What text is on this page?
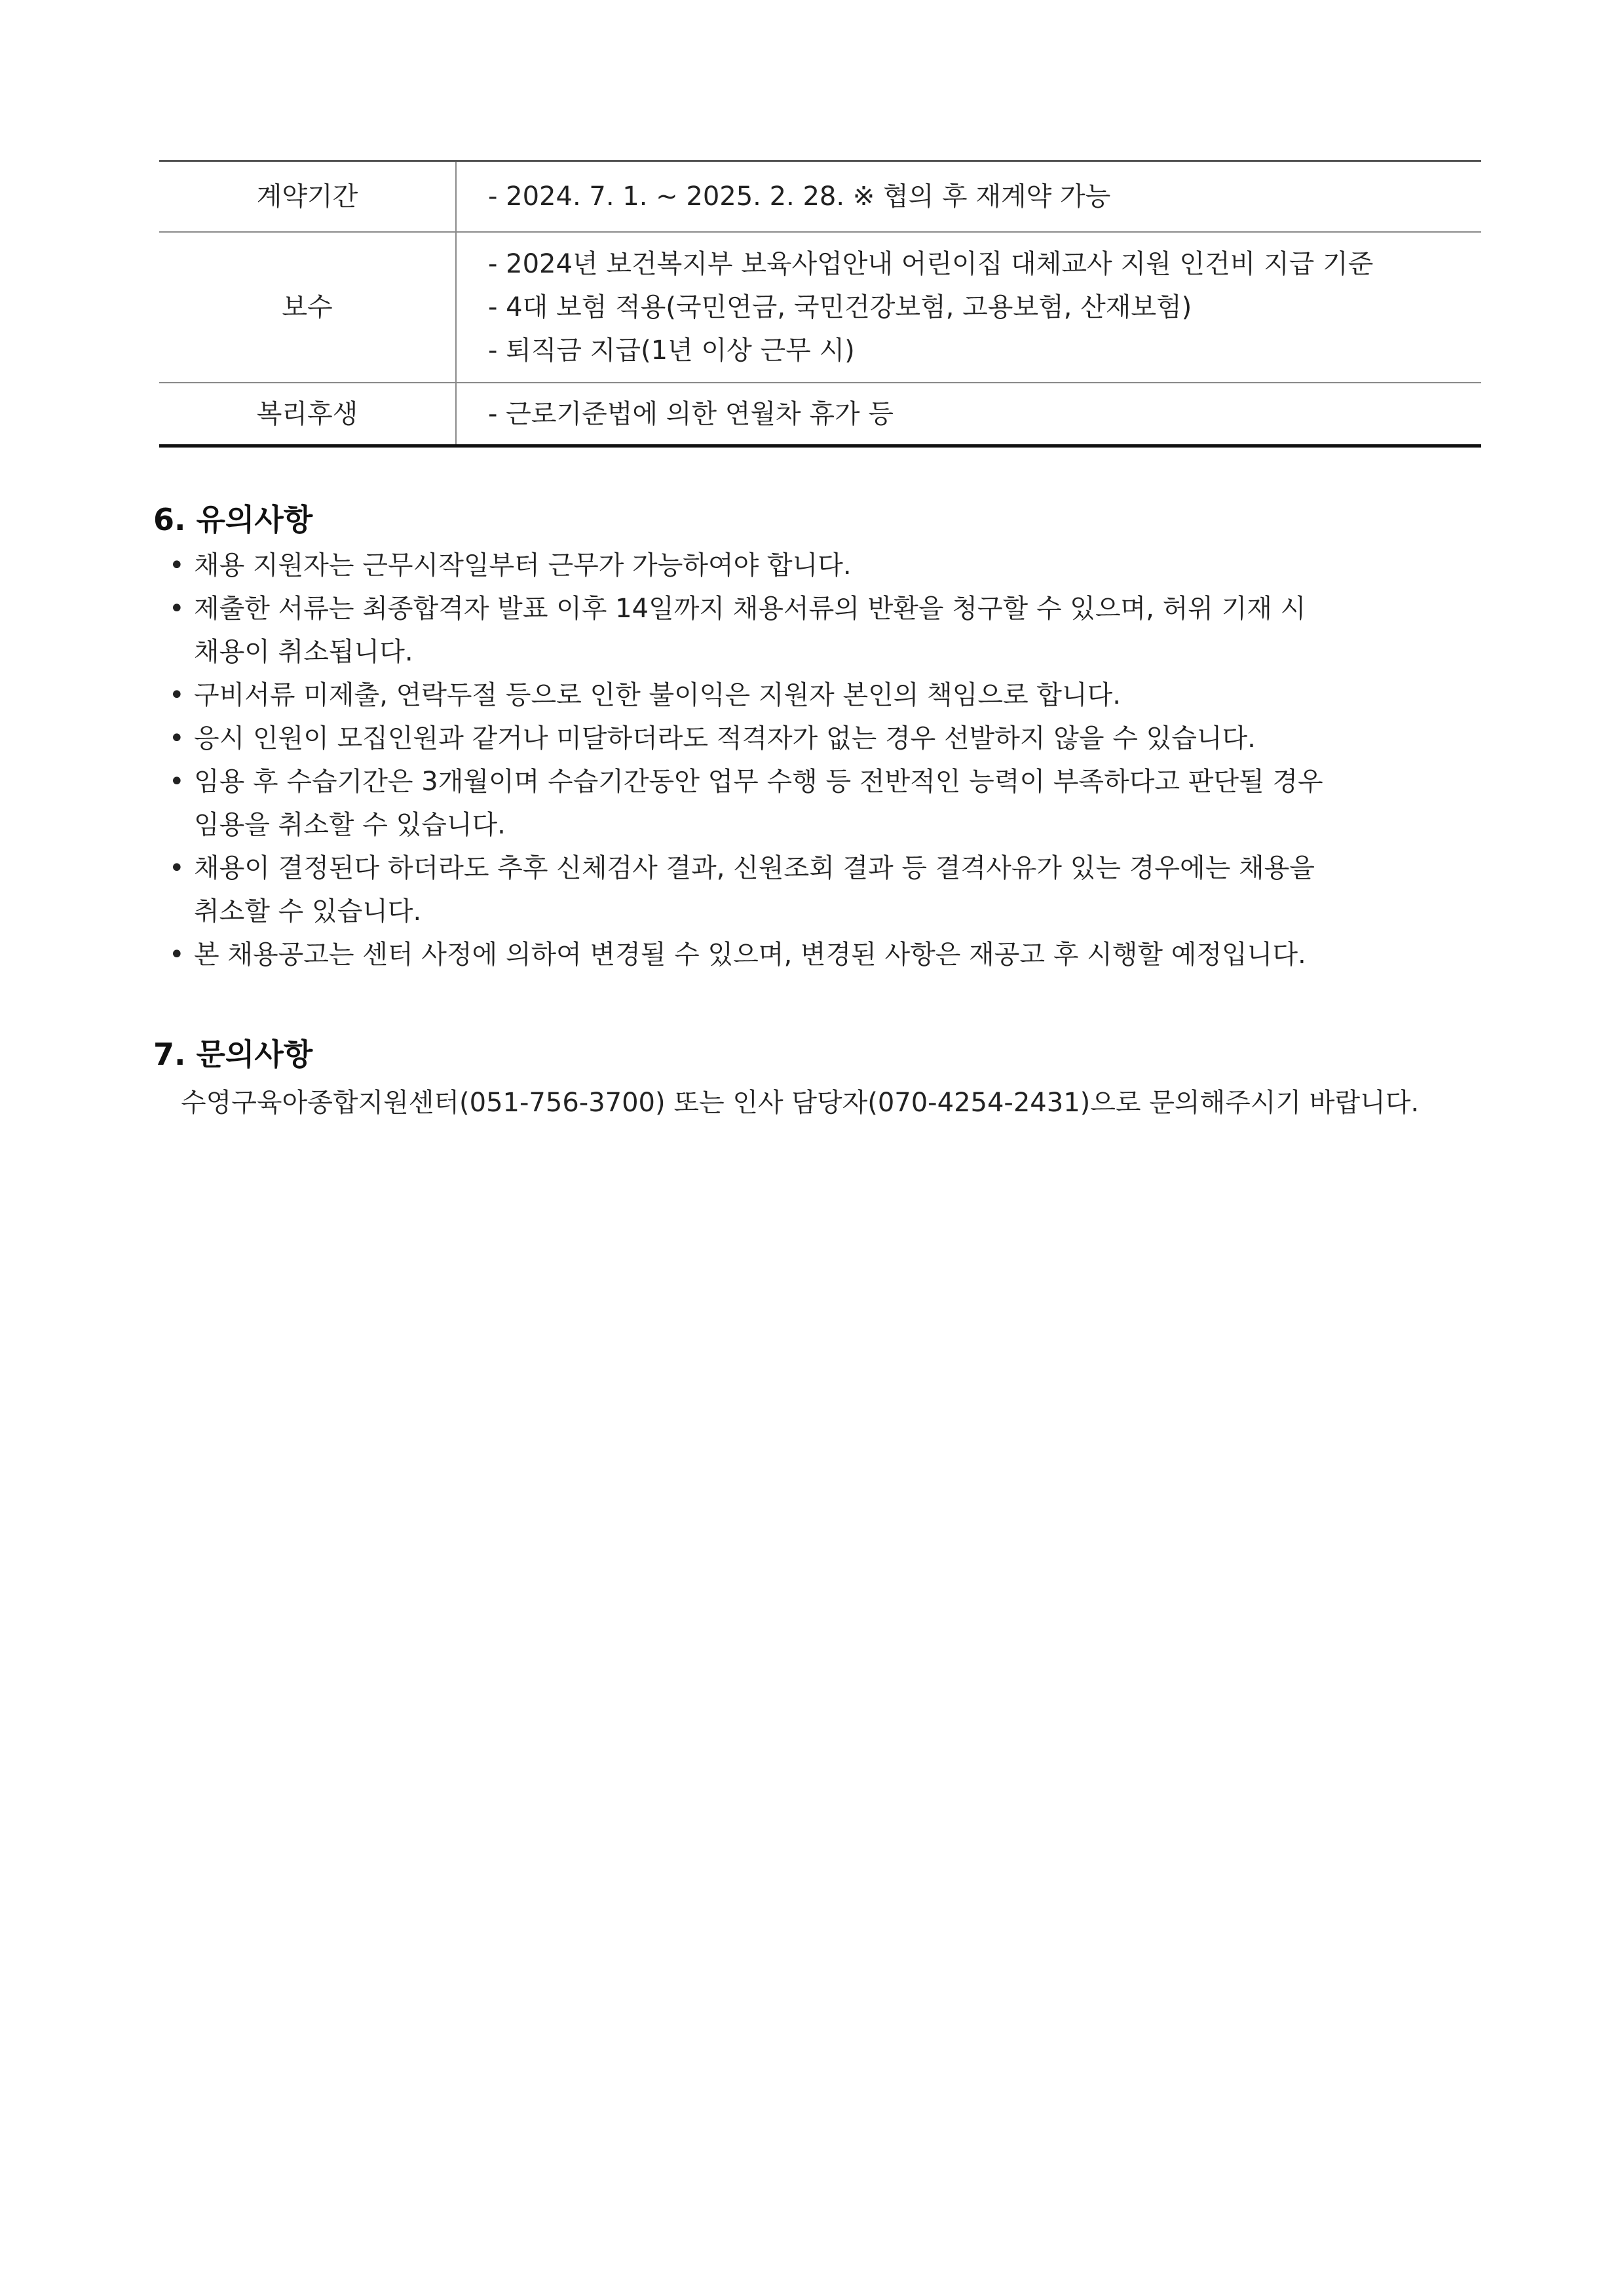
계약기간	- 2024. 7. 1. ~ 2025. 2. 28. ※ 협의 후 재계약 가능
보수	- 2024년 보건복지부 보육사업안내 어린이집 대체교사 지원 인건비 지급 기준
- 4대 보험 적용(국민연금, 국민건강보험, 고용보험, 산재보험)
- 퇴직금 지급(1년 이상 근무 시)

복리후생	- 근로기준법에 의한 연월차 휴가 등
6. 유의사항
• 채용 지원자는 근무시작일부터 근무가 가능하여야 합니다.
• 제출한 서류는 최종합격자 발표 이후 14일까지 채용서류의 반환을 청구할 수 있으며, 허위 기재 시
채용이 취소됩니다.
• 구비서류 미제출, 연락두절 등으로 인한 불이익은 지원자 본인의 책임으로 합니다.
• 응시 인원이 모집인원과 같거나 미달하더라도 적격자가 없는 경우 선발하지 않을 수 있습니다.
• 임용 후 수습기간은 3개월이며 수습기간동안 업무 수행 등 전반적인 능력이 부족하다고 판단될 경우
임용을 취소할 수 있습니다.
• 채용이 결정된다 하더라도 추후 신체검사 결과, 신원조회 결과 등 결격사유가 있는 경우에는 채용을
취소할 수 있습니다.
• 본 채용공고는 센터 사정에 의하여 변경될 수 있으며, 변경된 사항은 재공고 후 시행할 예정입니다.
7. 문의사항
수영구육아종합지원센터(051-756-3700) 또는 인사 담당자(070-4254-2431)으로 문의해주시기 바랍니다.
